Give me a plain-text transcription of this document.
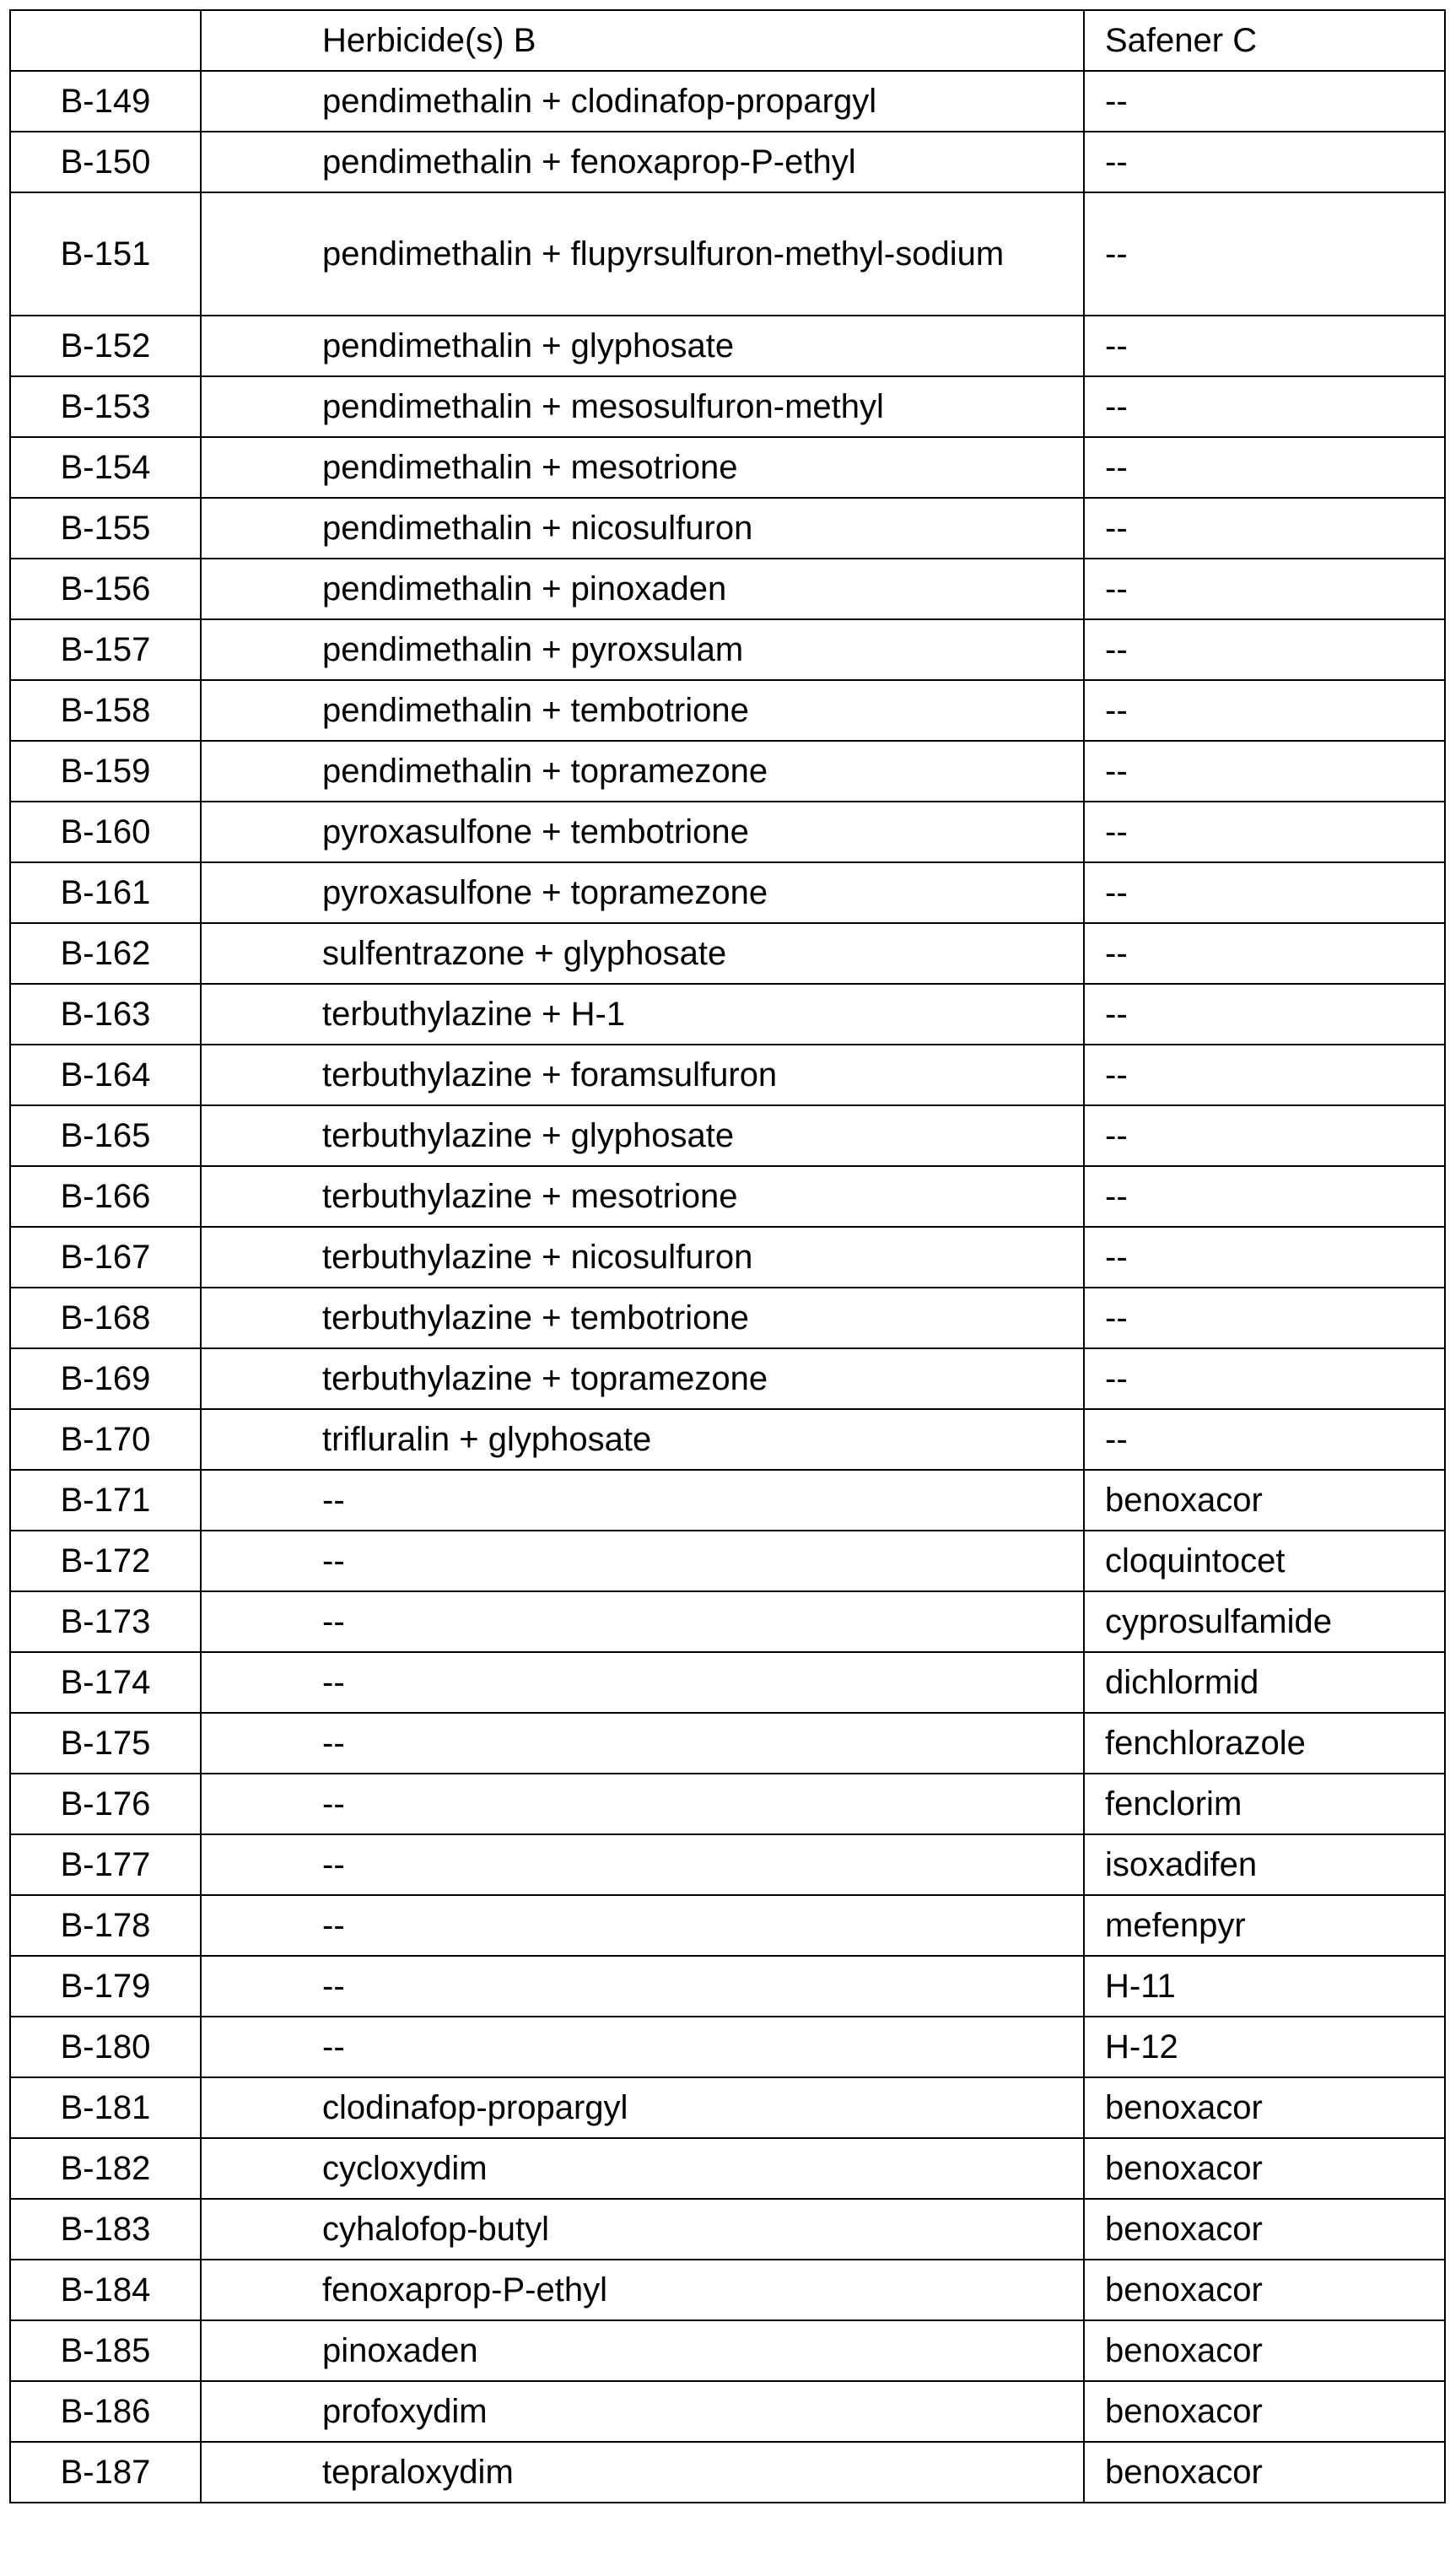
	Herbicide(s) B	Safener C
B-149	pendimethalin + clodinafop-propargyl	--
B-150	pendimethalin + fenoxaprop-P-ethyl	--
B-151	pendimethalin + flupyrsulfuron-methyl-sodium	--
B-152	pendimethalin + glyphosate	--
B-153	pendimethalin + mesosulfuron-methyl	--
B-154	pendimethalin + mesotrione	--
B-155	pendimethalin + nicosulfuron	--
B-156	pendimethalin + pinoxaden	--
B-157	pendimethalin + pyroxsulam	--
B-158	pendimethalin + tembotrione	--
B-159	pendimethalin + topramezone	--
B-160	pyroxasulfone + tembotrione	--
B-161	pyroxasulfone + topramezone	--
B-162	sulfentrazone + glyphosate	--
B-163	terbuthylazine + H-1	--
B-164	terbuthylazine + foramsulfuron	--
B-165	terbuthylazine + glyphosate	--
B-166	terbuthylazine + mesotrione	--
B-167	terbuthylazine + nicosulfuron	--
B-168	terbuthylazine + tembotrione	--
B-169	terbuthylazine + topramezone	--
B-170	trifluralin + glyphosate	--
B-171	--	benoxacor
B-172	--	cloquintocet
B-173	--	cyprosulfamide
B-174	--	dichlormid
B-175	--	fenchlorazole
B-176	--	fenclorim
B-177	--	isoxadifen
B-178	--	mefenpyr
B-179	--	H-11
B-180	--	H-12
B-181	clodinafop-propargyl	benoxacor
B-182	cycloxydim	benoxacor
B-183	cyhalofop-butyl	benoxacor
B-184	fenoxaprop-P-ethyl	benoxacor
B-185	pinoxaden	benoxacor
B-186	profoxydim	benoxacor
B-187	tepraloxydim	benoxacor
